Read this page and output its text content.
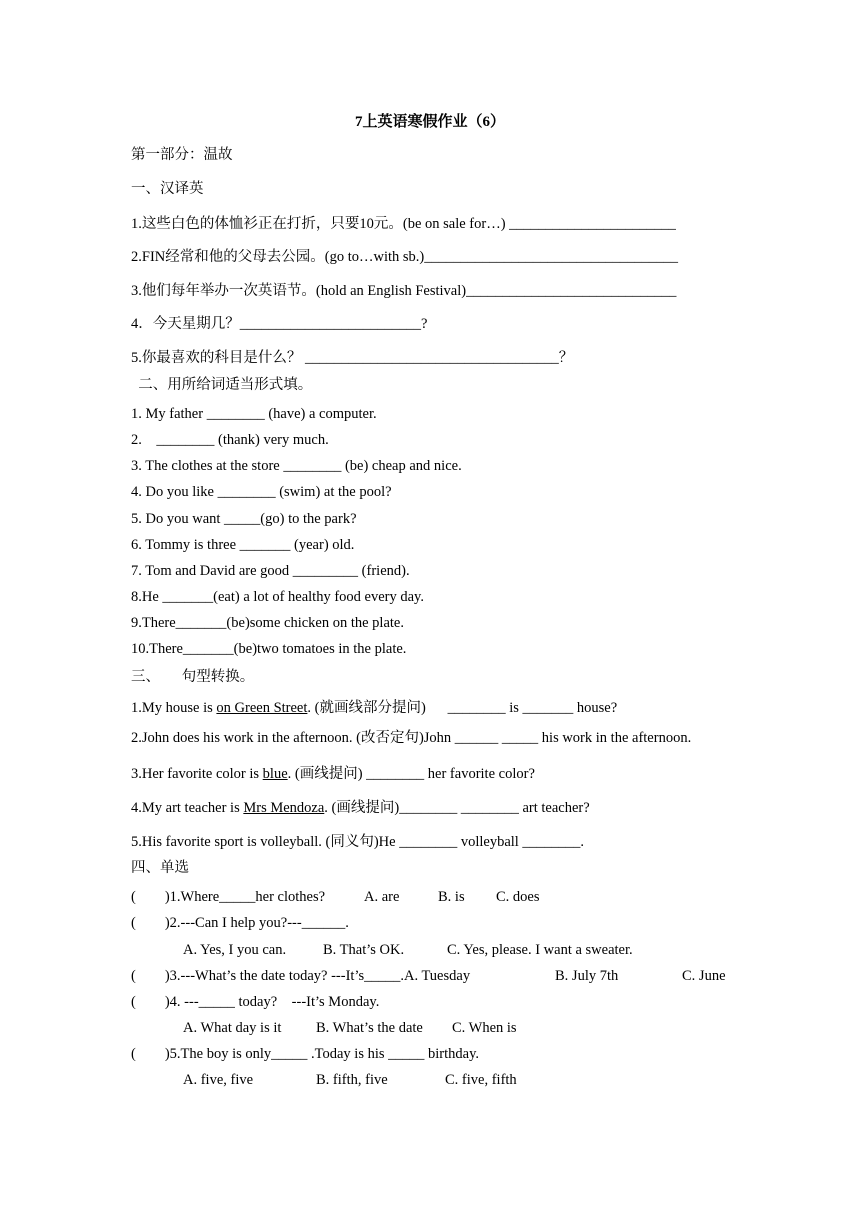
7上英语寒假作业（6）
第一部分：温故
一、汉译英
1.这些白色的体恤衫正在打折，只要10元。(be on sale for…) _______________________
2.FIN经常和他的父母去公园。(go to…with sb.)___________________________________
3.他们每年举办一次英语节。(hold an English Festival)_____________________________
4．今天星期几？_________________________?
5.你最喜欢的科目是什么？ ___________________________________？
二、用所给词适当形式填。
1. My father ________ (have) a computer.
2.    ________ (thank) very much.
3. The clothes at the store ________ (be) cheap and nice.
4. Do you like ________ (swim) at the pool?
5. Do you want _____(go) to the park?
6. Tommy is three _______ (year) old.
7. Tom and David are good _________ (friend).
8.He _______(eat) a lot of healthy food every day.
9.There_______(be)some chicken on the plate.
10.There_______(be)two tomatoes in the plate.
三、      句型转换。
1.My house is on Green Street. (就画线部分提问)      ________ is _______ house?
2.John does his work in the afternoon. (改否定句)John ______ _____ his work in the afternoon.
3.Her favorite color is blue. (画线提问) ________ her favorite color?
4.My art teacher is Mrs Mendoza. (画线提问)________ ________ art teacher?
5.His favorite sport is volleyball. (同义句)He ________ volleyball ________.
四、单选
(        )1.Where_____her clothes?	A. are	B. is C. does
(        )2.---Can I help you?---______.
A. Yes, I you can.	B. That’s OK.	C. Yes, please. I want a sweater.
(        )3.---What’s the date today? ---It’s_____.A. Tuesday	B. July 7th	C. June
(        )4. ---_____ today?    ---It’s Monday.
A. What day is it B. What’s the date C. When is
(        )5.The boy is only_____ .Today is his _____ birthday.
A. five, five	B. fifth, five	C. five, fifth
